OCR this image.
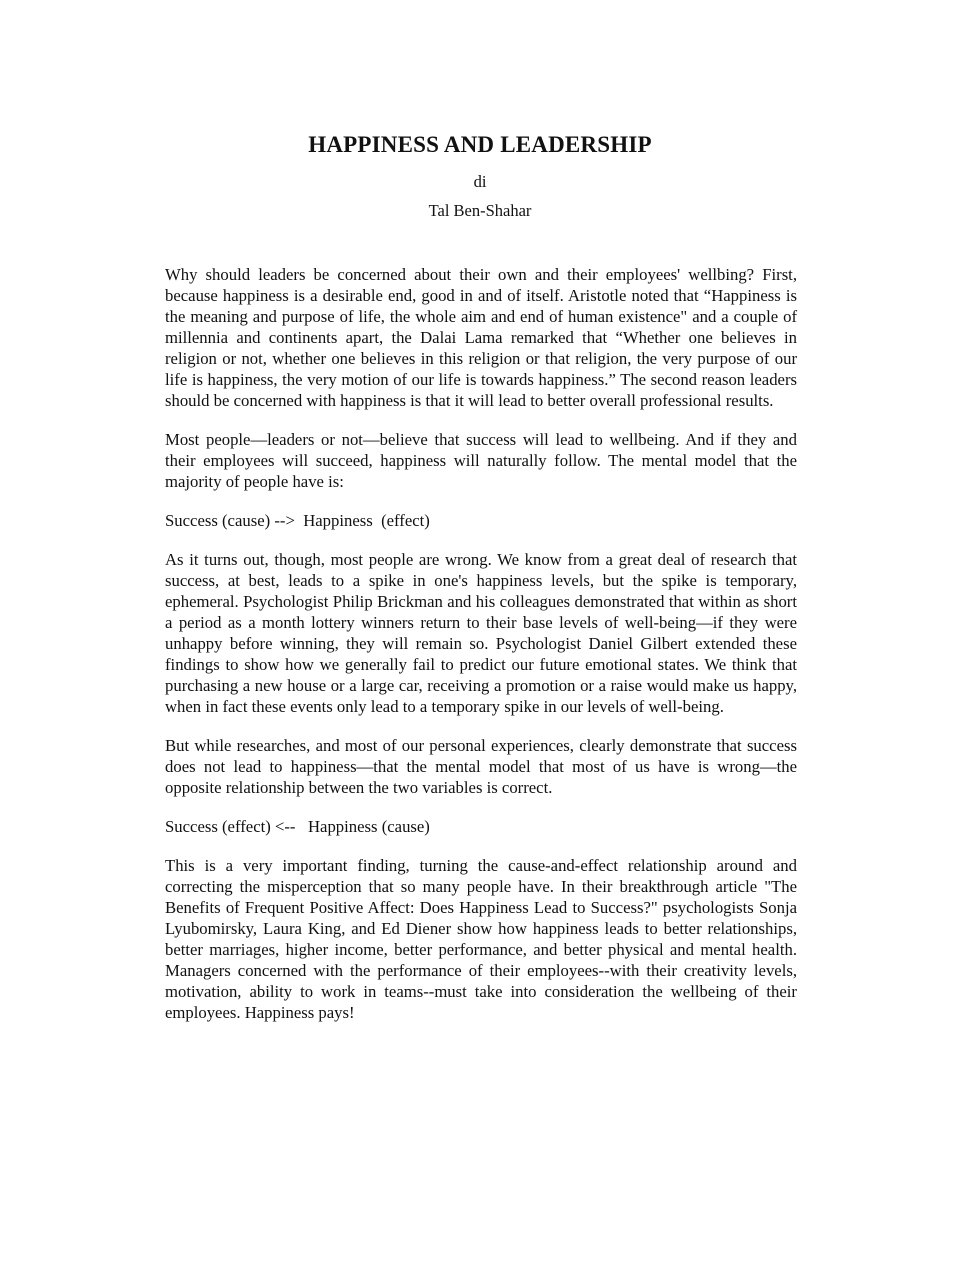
HAPPINESS AND LEADERSHIP
di
Tal Ben-Shahar

Why should leaders be concerned about their own and their employees' wellbing? First, because happiness is a desirable end, good in and of itself. Aristotle noted that “Happiness is the meaning and purpose of life, the whole aim and end of human existence" and a couple of millennia and continents apart, the Dalai Lama remarked that “Whether one believes in religion or not, whether one believes in this religion or that religion, the very purpose of our life is happiness, the very motion of our life is towards happiness.” The second reason leaders should be concerned with happiness is that it will lead to better overall professional results.

Most people—leaders or not—believe that success will lead to wellbeing. And if they and their employees will succeed, happiness will naturally follow. The mental model that the majority of people have is:

Success (cause) -->  Happiness  (effect)

As it turns out, though, most people are wrong. We know from a great deal of research that success, at best, leads to a spike in one's happiness levels, but the spike is temporary, ephemeral. Psychologist Philip Brickman and his colleagues demonstrated that within as short a period as a month lottery winners return to their base levels of well-being—if they were unhappy before winning, they will remain so. Psychologist Daniel Gilbert extended these findings to show how we generally fail to predict our future emotional states. We think that purchasing a new house or a large car, receiving a promotion or a raise would make us happy, when in fact these events only lead to a temporary spike in our levels of well-being.

But while researches, and most of our personal experiences, clearly demonstrate that success does not lead to happiness—that the mental model that most of us have is wrong—the opposite relationship between the two variables is correct.

Success (effect) <--   Happiness (cause)

This is a very important finding, turning the cause-and-effect relationship around and correcting the misperception that so many people have. In their breakthrough article "The Benefits of Frequent Positive Affect: Does Happiness Lead to Success?" psychologists Sonja Lyubomirsky, Laura King, and Ed Diener show how happiness leads to better relationships, better marriages, higher income, better performance, and better physical and mental health. Managers concerned with the performance of their employees--with their creativity levels, motivation, ability to work in teams--must take into consideration the wellbeing of their employees. Happiness pays!
